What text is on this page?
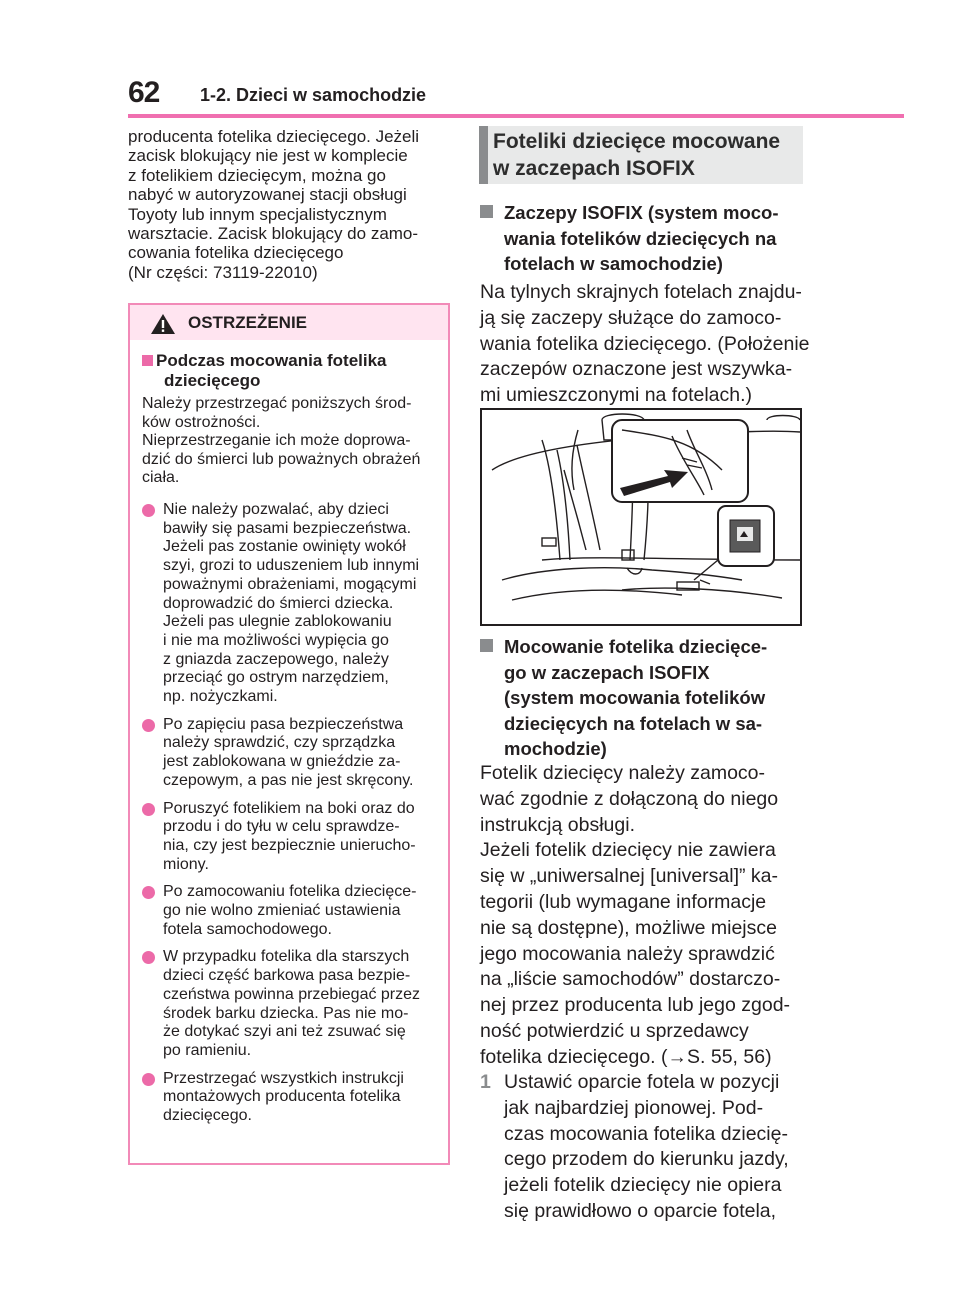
62 1-2. Dzieci w samochodzie
producenta fotelika dziecięcego. Jeżeli
zacisk blokujący nie jest w komplecie
z fotelikiem dziecięcym, można go
nabyć w autoryzowanej stacji obsługi
Toyoty lub innym specjalistycznym
warsztacie. Zacisk blokujący do zamo-
cowania fotelika dziecięcego
(Nr części: 73119-22010)
OSTRZEŻENIE
Podczas mocowania fotelika
dziecięcego
Należy przestrzegać poniższych środ-
ków ostrożności.
Nieprzestrzeganie ich może doprowa-
dzić do śmierci lub poważnych obrażeń
ciała.
Nie należy pozwalać, aby dzieci
bawiły się pasami bezpieczeństwa.
Jeżeli pas zostanie owinięty wokół
szyi, grozi to uduszeniem lub innymi
poważnymi obrażeniami, mogącymi
doprowadzić do śmierci dziecka.
Jeżeli pas ulegnie zablokowaniu
i nie ma możliwości wypięcia go
z gniazda zaczepowego, należy
przeciąć go ostrym narzędziem,
np. nożyczkami.
Po zapięciu pasa bezpieczeństwa
należy sprawdzić, czy sprządzka
jest zablokowana w gnieździe za-
czepowym, a pas nie jest skręcony.
Poruszyć fotelikiem na boki oraz do
przodu i do tyłu w celu sprawdze-
nia, czy jest bezpiecznie unierucho-
miony.
Po zamocowaniu fotelika dziecięce-
go nie wolno zmieniać ustawienia
fotela samochodowego.
W przypadku fotelika dla starszych
dzieci część barkowa pasa bezpie-
czeństwa powinna przebiegać przez
środek barku dziecka. Pas nie mo-
że dotykać szyi ani też zsuwać się
po ramieniu.
Przestrzegać wszystkich instrukcji
montażowych producenta fotelika
dziecięcego.
Foteliki dziecięce mocowane
w zaczepach ISOFIX
Zaczepy ISOFIX (system moco-
wania fotelików dziecięcych na
fotelach w samochodzie)
Na tylnych skrajnych fotelach znajdu-
ją się zaczepy służące do zamoco-
wania fotelika dziecięcego. (Położenie
zaczepów oznaczone jest wszywka-
mi umieszczonymi na fotelach.)
Mocowanie fotelika dziecięce-
go w zaczepach ISOFIX
(system mocowania fotelików
dziecięcych na fotelach w sa-
mochodzie)
Fotelik dziecięcy należy zamoco-
wać zgodnie z dołączoną do niego
instrukcją obsługi.
Jeżeli fotelik dziecięcy nie zawiera
się w „uniwersalnej [universal]” ka-
tegorii (lub wymagane informacje
nie są dostępne), możliwe miejsce
jego mocowania należy sprawdzić
na „liście samochodów” dostarczo-
nej przez producenta lub jego zgod-
ność potwierdzić u sprzedawcy
fotelika dziecięcego. (→S. 55, 56)
1 Ustawić oparcie fotela w pozycji
jak najbardziej pionowej. Pod-
czas mocowania fotelika dziecię-
cego przodem do kierunku jazdy,
jeżeli fotelik dziecięcy nie opiera
się prawidłowo o oparcie fotela,
